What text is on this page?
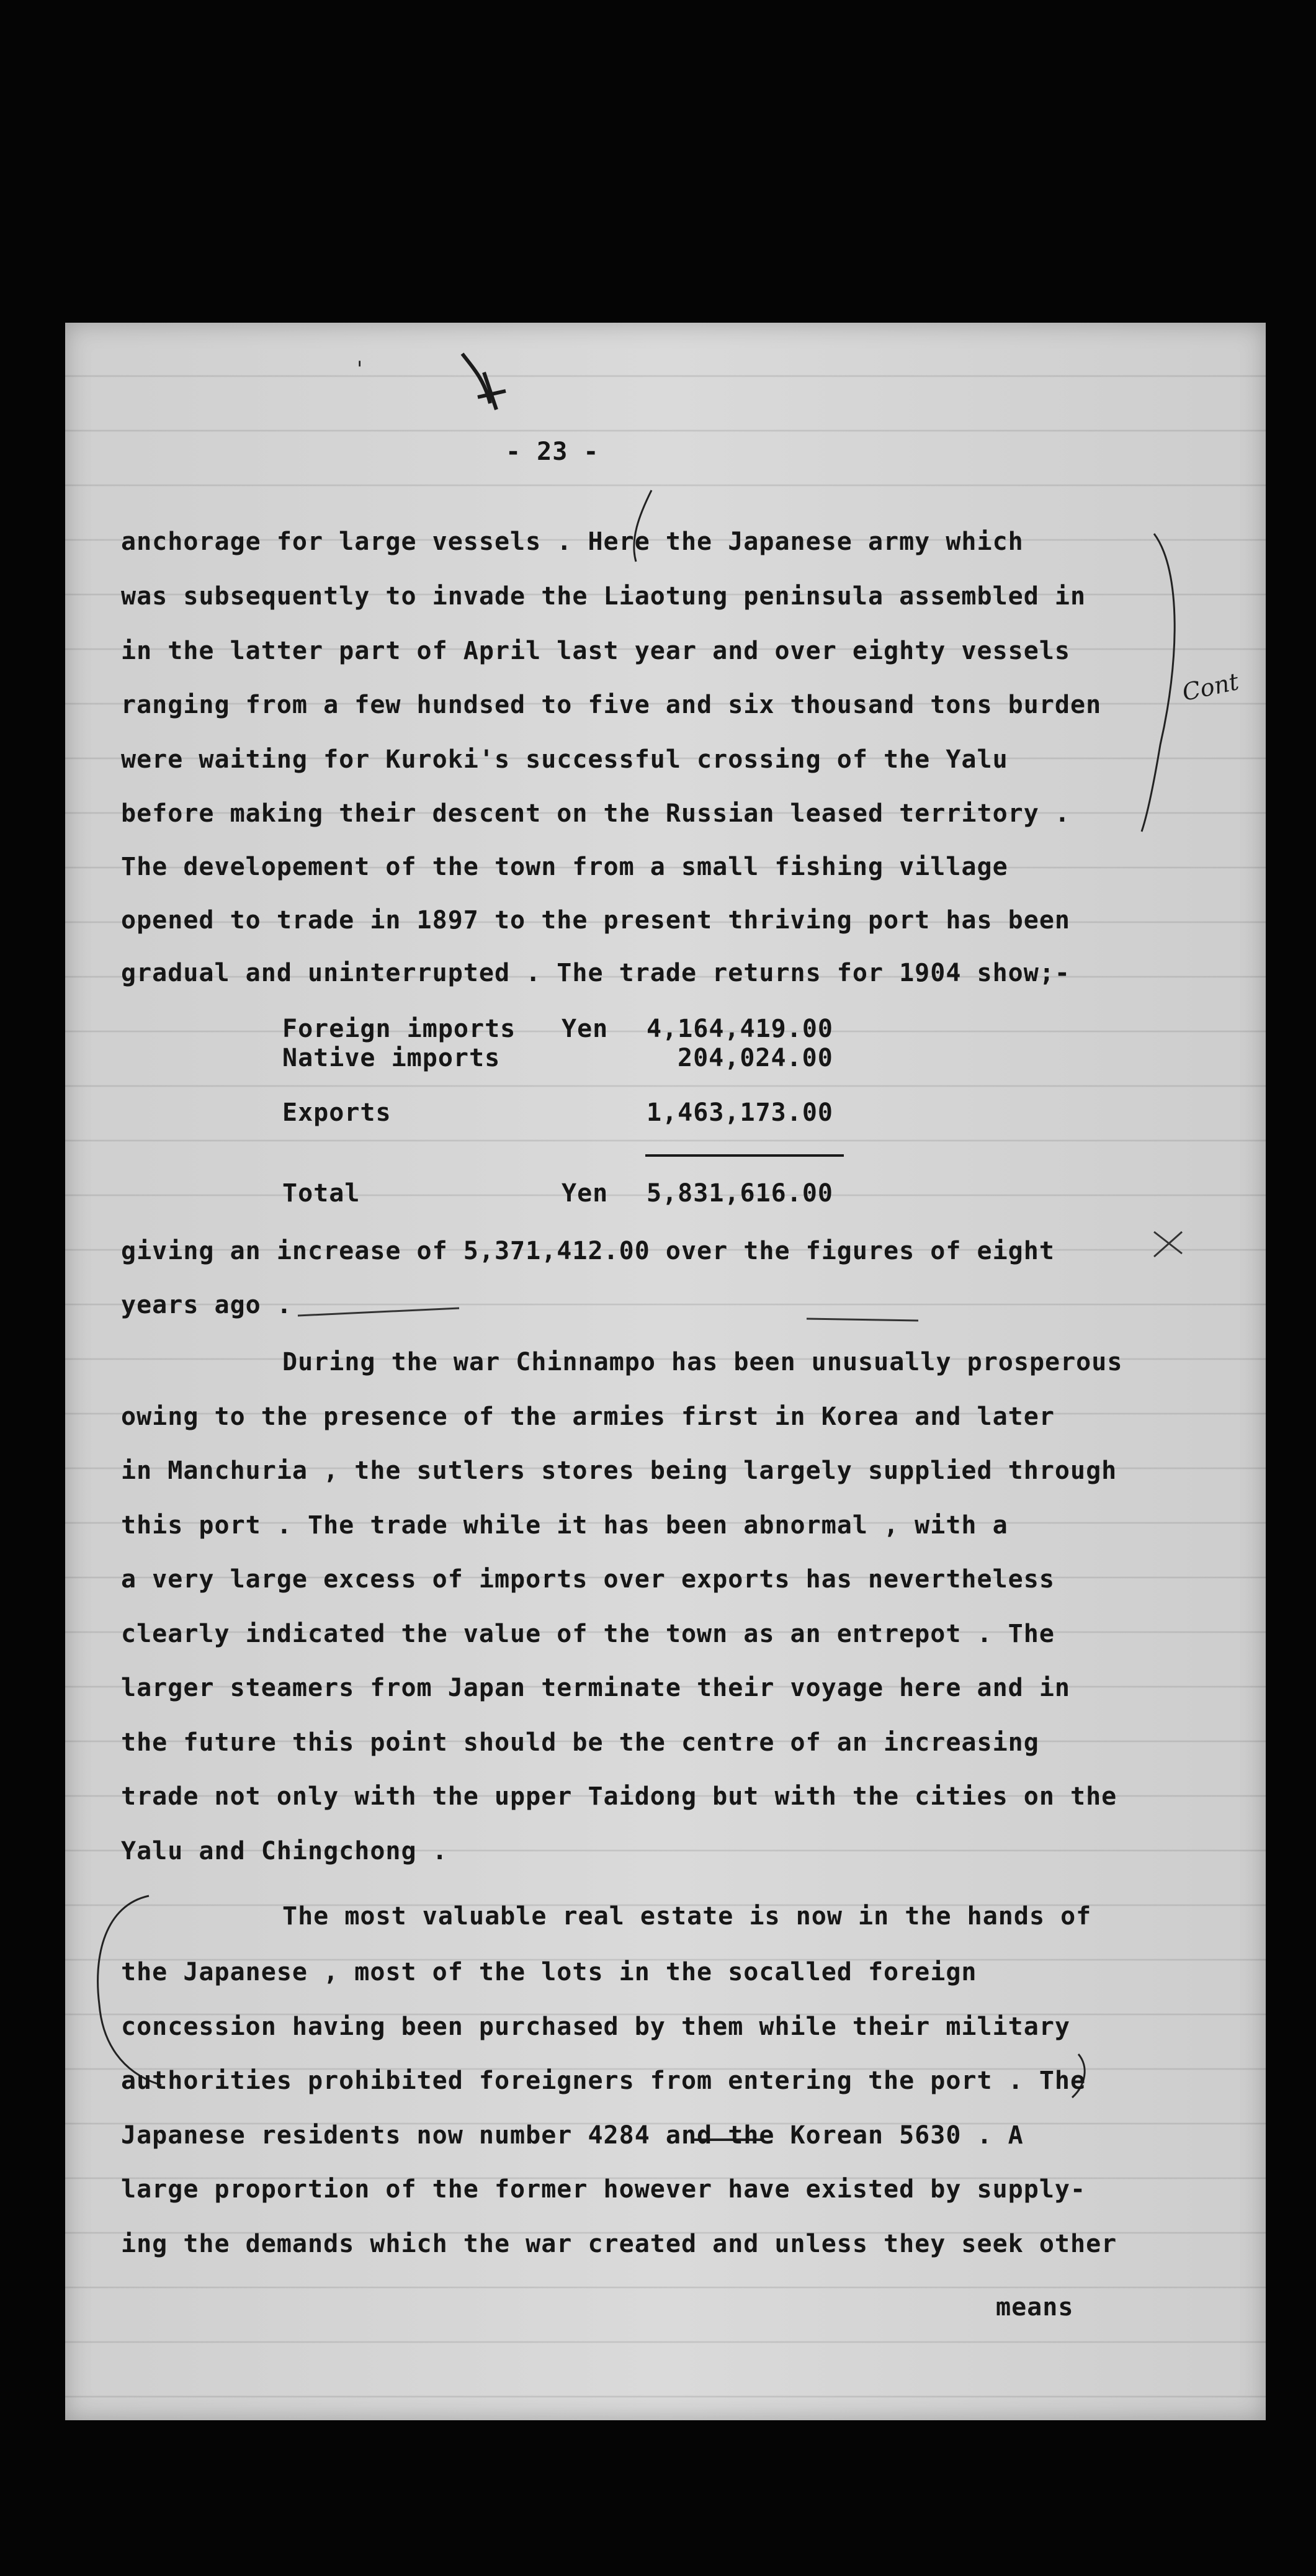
'
Cont
- 23 -
anchorage for large vessels . Here the Japanese army which
was subsequently to invade the Liaotung peninsula assembled in
in the latter part of April last year and over eighty vessels
ranging from a few hundsed to five and six thousand tons burden
were waiting for Kuroki's successful crossing of the Yalu
before making their descent on the Russian leased territory .
The developement of the town from a small fishing village
opened to trade in 1897 to the present thriving port has been
gradual and uninterrupted . The trade returns for 1904 show;-
Foreign imports Yen 4,164,419.00
Native imports	204,024.00
Exports	1,463,173.00
Total	Yen 5,831,616.00
giving an increase of 5,371,412.00 over the figures of eight
years ago .
During the war Chinnampo has been unusually prosperous
owing to the presence of the armies first in Korea and later
in Manchuria , the sutlers stores being largely supplied through
this port . The trade while it has been abnormal , with a
a very large excess of imports over exports has nevertheless
clearly indicated the value of the town as an entrepot . The
larger steamers from Japan terminate their voyage here and in
the future this point should be the centre of an increasing
trade not only with the upper Taidong but with the cities on the
Yalu and Chingchong .
The most valuable real estate is now in the hands of
the Japanese , most of the lots in the socalled foreign
concession having been purchased by them while their military
authorities prohibited foreigners from entering the port . The
Japanese residents now number 4284 and the Korean 5630 . A
large proportion of the former however have existed by supply-
ing the demands which the war created and unless they seek other
means
